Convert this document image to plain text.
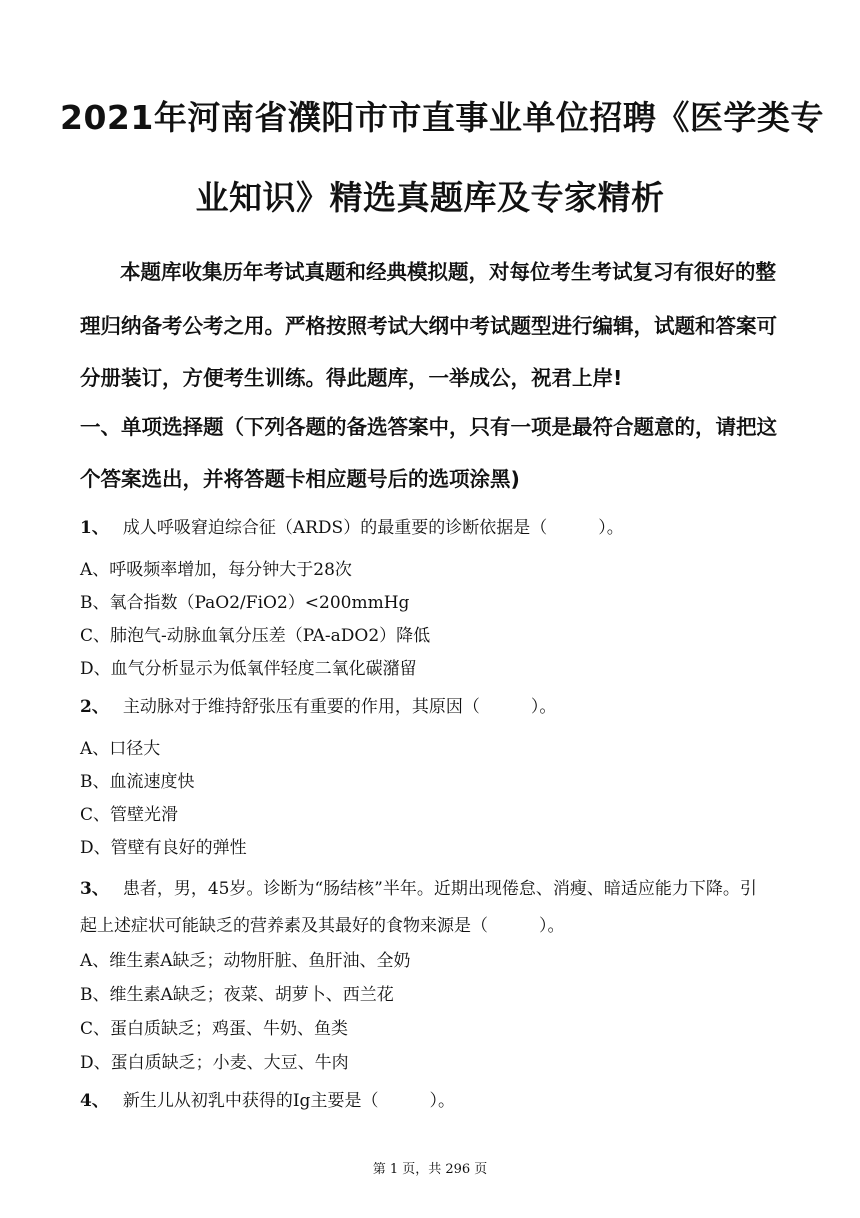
2021年河南省濮阳市市直事业单位招聘《医学类专
业知识》精选真题库及专家精析
本题库收集历年考试真题和经典模拟题，对每位考生考试复习有很好的整
理归纳备考公考之用。严格按照考试大纲中考试题型进行编辑，试题和答案可
分册装订，方便考生训练。得此题库，一举成公，祝君上岸!
一、单项选择题（下列各题的备选答案中，只有一项是最符合题意的，请把这
个答案选出，并将答题卡相应题号后的选项涂黑)
1、 成人呼吸窘迫综合征（ARDS）的最重要的诊断依据是（　　　）。
A、呼吸频率增加，每分钟大于28次
B、氧合指数（PaO2/FiO2）<200mmHg
C、肺泡气-动脉血氧分压差（PA-aDO2）降低
D、血气分析显示为低氧伴轻度二氧化碳潴留
2、 主动脉对于维持舒张压有重要的作用，其原因（　　　）。
A、口径大
B、血流速度快
C、管壁光滑
D、管壁有良好的弹性
3、 患者，男，45岁。诊断为“肠结核”半年。近期出现倦怠、消瘦、暗适应能力下降。引
起上述症状可能缺乏的营养素及其最好的食物来源是（　　　）。
A、维生素A缺乏；动物肝脏、鱼肝油、全奶
B、维生素A缺乏；夜菜、胡萝卜、西兰花
C、蛋白质缺乏；鸡蛋、牛奶、鱼类
D、蛋白质缺乏；小麦、大豆、牛肉
4、 新生儿从初乳中获得的Ig主要是（　　　）。
第 1 页，共 296 页
